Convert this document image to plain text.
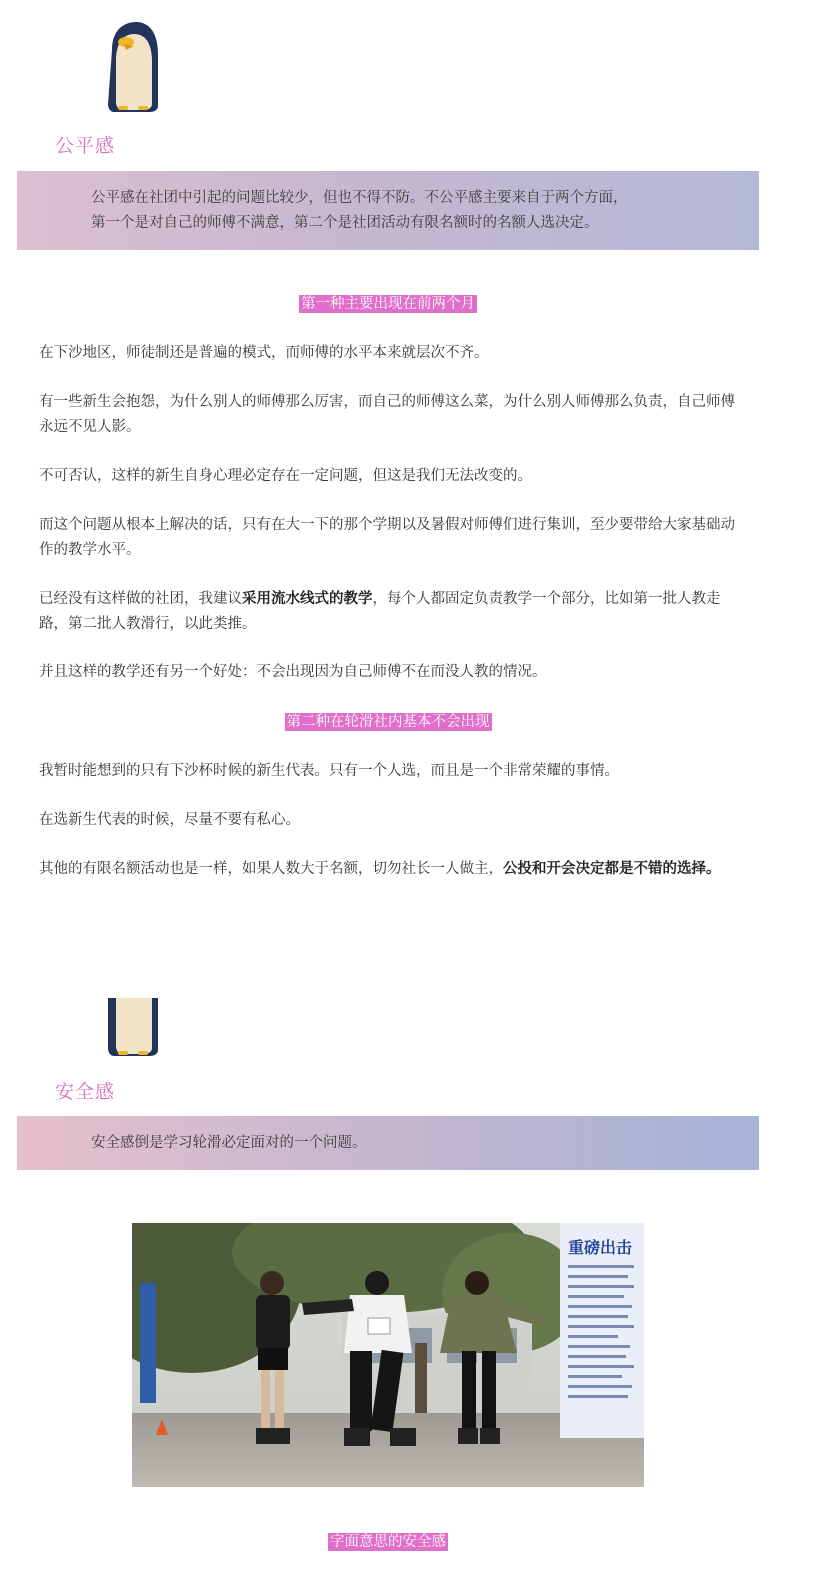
公平感

公平感在社团中引起的问题比较少，但也不得不防。不公平感主要来自于两个方面，

第一个是对自己的师傅不满意，第二个是社团活动有限名额时的名额人选决定。

第一种主要出现在前两个月

在下沙地区，师徒制还是普遍的模式，而师傅的水平本来就层次不齐。

有一些新生会抱怨，为什么别人的师傅那么厉害，而自己的师傅这么菜，为什么别人师傅那么负责，自己师傅永远不见人影。

不可否认，这样的新生自身心理必定存在一定问题，但这是我们无法改变的。

而这个问题从根本上解决的话，只有在大一下的那个学期以及暑假对师傅们进行集训，至少要带给大家基础动作的教学水平。

已经没有这样做的社团，我建议采用流水线式的教学，每个人都固定负责教学一个部分，比如第一批人教走路，第二批人教滑行，以此类推。

并且这样的教学还有另一个好处：不会出现因为自己师傅不在而没人教的情况。

第二种在轮滑社内基本不会出现

我暂时能想到的只有下沙杯时候的新生代表。只有一个人选，而且是一个非常荣耀的事情。

在选新生代表的时候，尽量不要有私心。

其他的有限名额活动也是一样，如果人数大于名额，切勿社长一人做主，公投和开会决定都是不错的选择。

安全感

安全感倒是学习轮滑必定面对的一个问题。

重磅出击
字面意思的安全感
